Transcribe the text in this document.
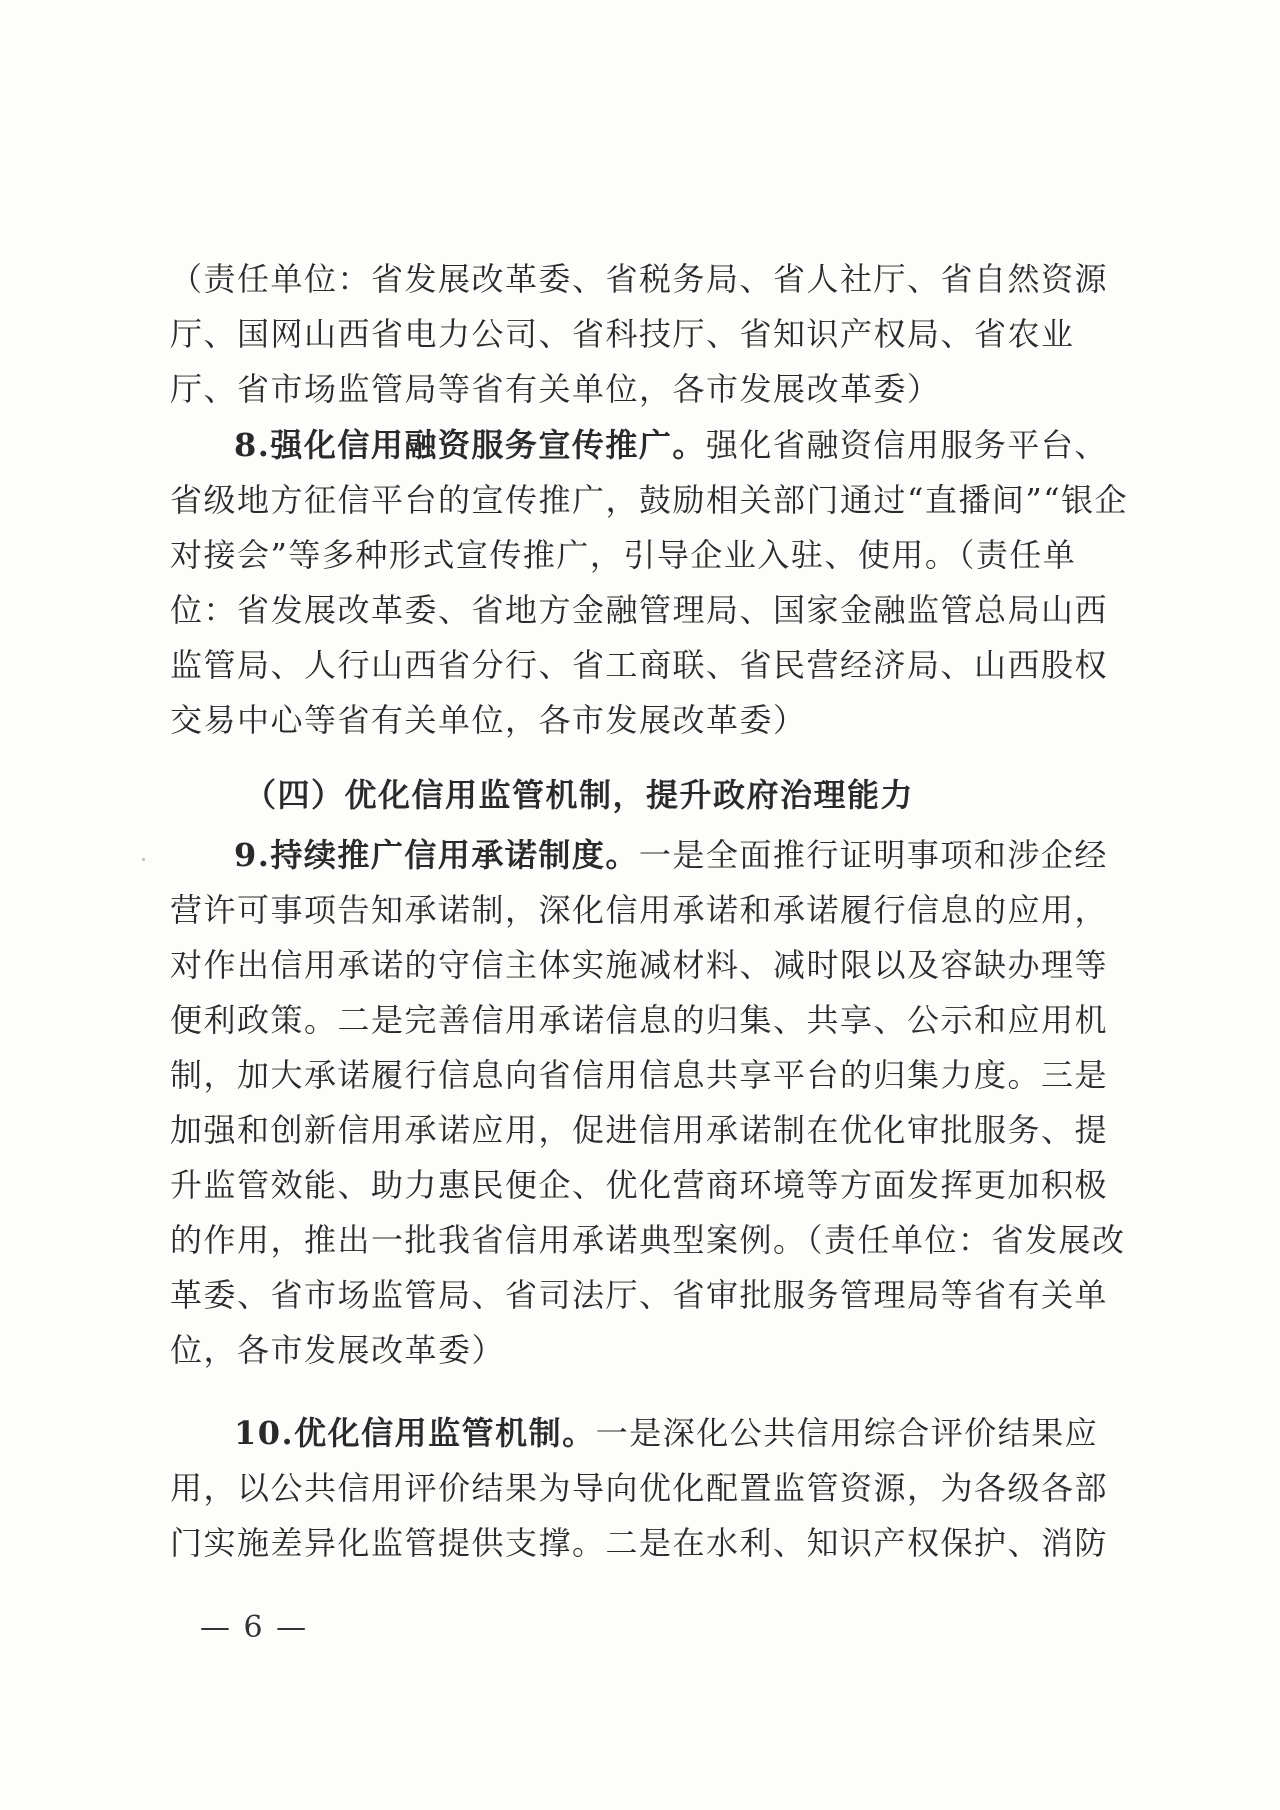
（责任单位：省发展改革委、省税务局、省人社厅、省自然资源厅、国网山西省电力公司、省科技厅、省知识产权局、省农业厅、省市场监管局等省有关单位，各市发展改革委）

8.强化信用融资服务宣传推广。强化省融资信用服务平台、省级地方征信平台的宣传推广，鼓励相关部门通过“直播间”“银企对接会”等多种形式宣传推广，引导企业入驻、使用。（责任单位：省发展改革委、省地方金融管理局、国家金融监管总局山西监管局、人行山西省分行、省工商联、省民营经济局、山西股权交易中心等省有关单位，各市发展改革委）

（四）优化信用监管机制，提升政府治理能力

9.持续推广信用承诺制度。一是全面推行证明事项和涉企经营许可事项告知承诺制，深化信用承诺和承诺履行信息的应用，对作出信用承诺的守信主体实施减材料、减时限以及容缺办理等便利政策。二是完善信用承诺信息的归集、共享、公示和应用机制，加大承诺履行信息向省信用信息共享平台的归集力度。三是加强和创新信用承诺应用，促进信用承诺制在优化审批服务、提升监管效能、助力惠民便企、优化营商环境等方面发挥更加积极的作用，推出一批我省信用承诺典型案例。（责任单位：省发展改革委、省市场监管局、省司法厅、省审批服务管理局等省有关单位，各市发展改革委）

10.优化信用监管机制。一是深化公共信用综合评价结果应用，以公共信用评价结果为导向优化配置监管资源，为各级各部门实施差异化监管提供支撑。二是在水利、知识产权保护、消防

— 6 —
